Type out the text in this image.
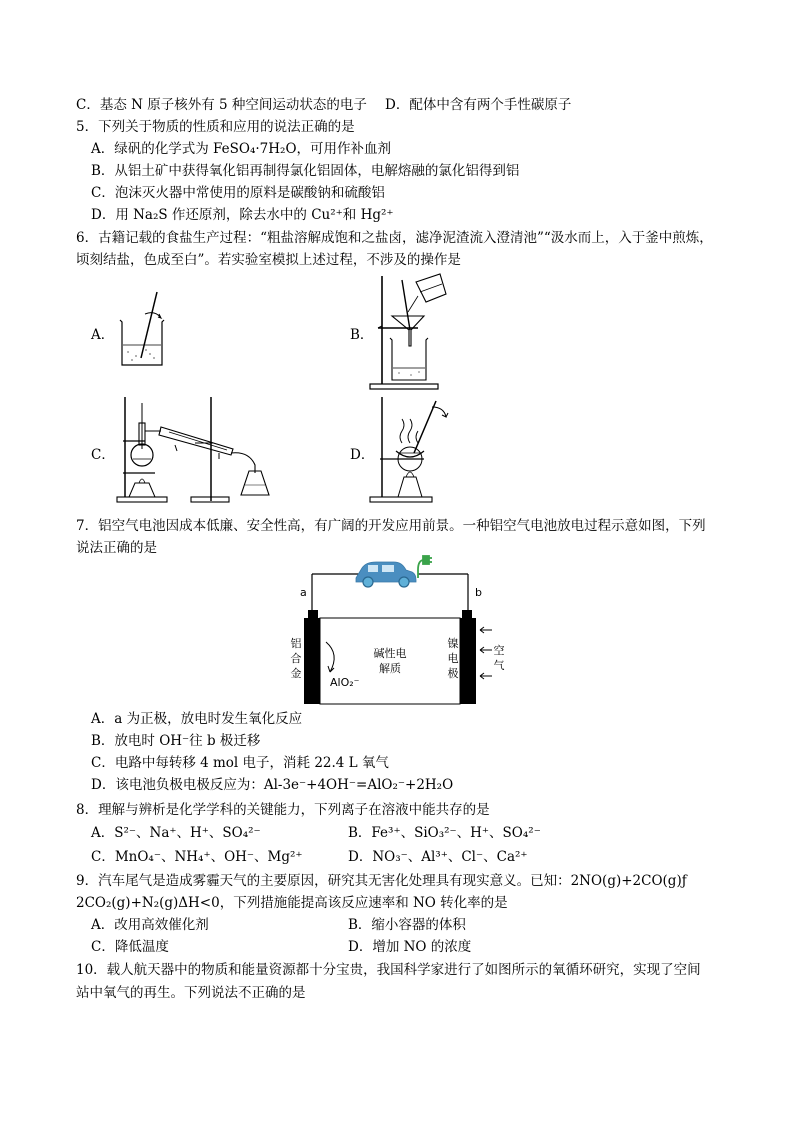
C．基态 N 原子核外有 5 种空间运动状态的电子 D．配体中含有两个手性碳原子
5．下列关于物质的性质和应用的说法正确的是
A．绿矾的化学式为 FeSO₄·7H₂O，可用作补血剂
B．从铝土矿中获得氧化铝再制得氯化铝固体，电解熔融的氯化铝得到铝
C．泡沫灭火器中常使用的原料是碳酸钠和硫酸铝
D．用 Na₂S 作还原剂，除去水中的 Cu²⁺和 Hg²⁺
6．古籍记载的食盐生产过程：“粗盐溶解成饱和之盐卤，滤净泥渣流入澄清池”“汲水而上，入于釜中煎炼，
顷刻结盐，色成至白”。若实验室模拟上述过程，不涉及的操作是
A．	B．
C．	D．
7．铝空气电池因成本低廉、安全性高，有广阔的开发应用前景。一种铝空气电池放电过程示意如图，下列
说法正确的是
a	b
铝
合
金
碱性电
解质
镍
电
极
空
气
AlO₂⁻
A．a 为正极，放电时发生氧化反应
B．放电时 OH⁻往 b 极迁移
C．电路中每转移 4 mol 电子，消耗 22.4 L 氧气
D．该电池负极电极反应为：Al-3e⁻+4OH⁻=AlO₂⁻+2H₂O
8．理解与辨析是化学学科的关键能力，下列离子在溶液中能共存的是
A．S²⁻、Na⁺、H⁺、SO₄²⁻	B．Fe³⁺、SiO₃²⁻、H⁺、SO₄²⁻
C．MnO₄⁻、NH₄⁺、OH⁻、Mg²⁺	D．NO₃⁻、Al³⁺、Cl⁻、Ca²⁺
9．汽车尾气是造成雾霾天气的主要原因，研究其无害化处理具有现实意义。已知：2NO(g)+2CO(g)ƒ
2CO₂(g)+N₂(g)ΔH<0，下列措施能提高该反应速率和 NO 转化率的是
A．改用高效催化剂	B．缩小容器的体积
C．降低温度	D．增加 NO 的浓度
10．载人航天器中的物质和能量资源都十分宝贵，我国科学家进行了如图所示的氧循环研究，实现了空间
站中氧气的再生。下列说法不正确的是
